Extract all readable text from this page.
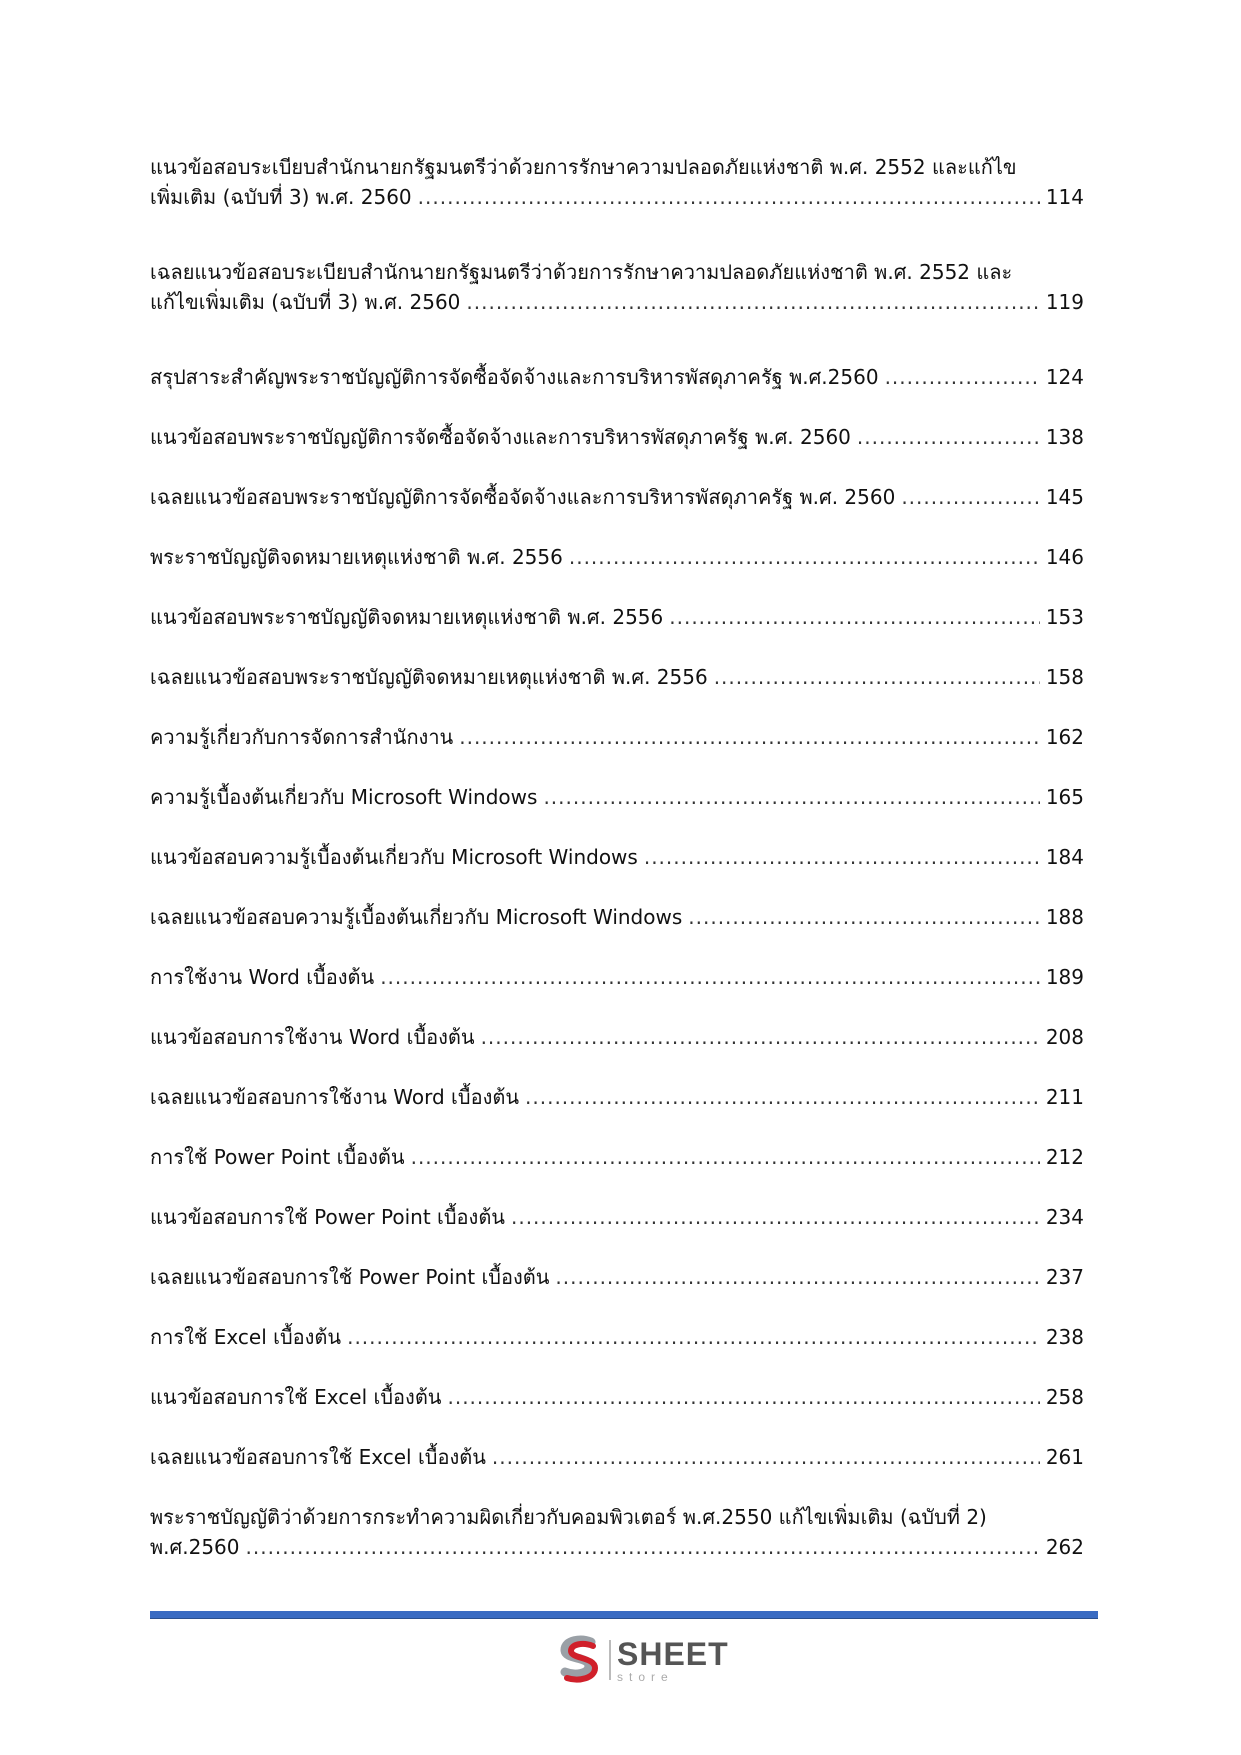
แนวข้อสอบระเบียบสำนักนายกรัฐมนตรีว่าด้วยการรักษาความปลอดภัยแห่งชาติ พ.ศ. 2552 และแก้ไข
เพิ่มเติม (ฉบับที่ 3) พ.ศ. 2560 .....	114
เฉลยแนวข้อสอบระเบียบสำนักนายกรัฐมนตรีว่าด้วยการรักษาความปลอดภัยแห่งชาติ พ.ศ. 2552 และ
แก้ไขเพิ่มเติม (ฉบับที่ 3) พ.ศ. 2560 .....	119
สรุปสาระสำคัญพระราชบัญญัติการจัดซื้อจัดจ้างและการบริหารพัสดุภาครัฐ พ.ศ.2560 .....	124
แนวข้อสอบพระราชบัญญัติการจัดซื้อจัดจ้างและการบริหารพัสดุภาครัฐ พ.ศ. 2560 .....	138
เฉลยแนวข้อสอบพระราชบัญญัติการจัดซื้อจัดจ้างและการบริหารพัสดุภาครัฐ พ.ศ. 2560 .....	145
พระราชบัญญัติจดหมายเหตุแห่งชาติ พ.ศ. 2556 .....	146
แนวข้อสอบพระราชบัญญัติจดหมายเหตุแห่งชาติ พ.ศ. 2556 .....	153
เฉลยแนวข้อสอบพระราชบัญญัติจดหมายเหตุแห่งชาติ พ.ศ. 2556 .....	158
ความรู้เกี่ยวกับการจัดการสำนักงาน .....	162
ความรู้เบื้องต้นเกี่ยวกับ Microsoft Windows .....	165
แนวข้อสอบความรู้เบื้องต้นเกี่ยวกับ Microsoft Windows .....	184
เฉลยแนวข้อสอบความรู้เบื้องต้นเกี่ยวกับ Microsoft Windows .....	188
การใช้งาน Word เบื้องต้น .....	189
แนวข้อสอบการใช้งาน Word เบื้องต้น .....	208
เฉลยแนวข้อสอบการใช้งาน Word เบื้องต้น .....	211
การใช้ Power Point เบื้องต้น .....	212
แนวข้อสอบการใช้ Power Point เบื้องต้น .....	234
เฉลยแนวข้อสอบการใช้ Power Point เบื้องต้น .....	237
การใช้ Excel เบื้องต้น .....	238
แนวข้อสอบการใช้ Excel เบื้องต้น .....	258
เฉลยแนวข้อสอบการใช้ Excel เบื้องต้น .....	261
พระราชบัญญัติว่าด้วยการกระทำความผิดเกี่ยวกับคอมพิวเตอร์ พ.ศ.2550 แก้ไขเพิ่มเติม (ฉบับที่ 2)
พ.ศ.2560 .....	262
SHEET
store
